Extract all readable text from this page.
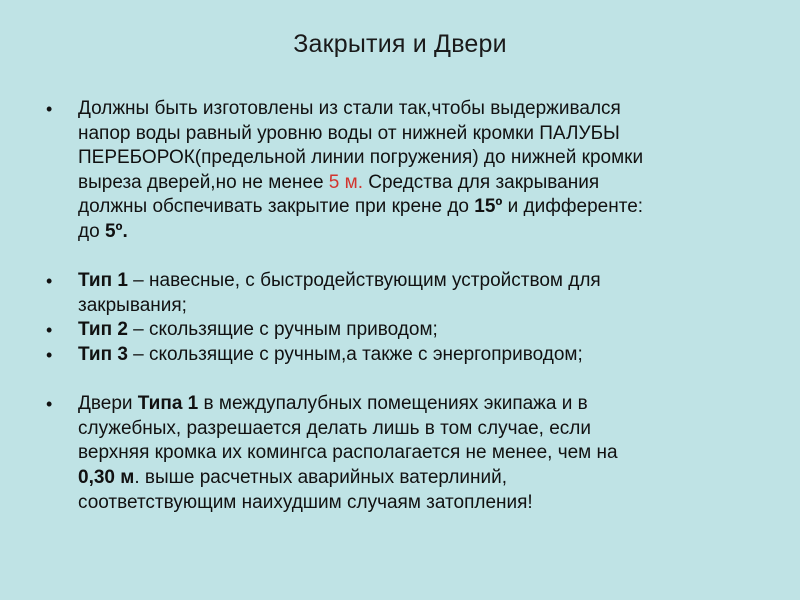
Закрытия и Двери
• Должны быть изготовлены из стали так,чтобы выдерживался
напор воды равный уровню воды от нижней кромки ПАЛУБЫ
ПЕРЕБОРОК(предельной линии погружения) до нижней кромки
выреза дверей,но не менее 5 м. Средства для закрывания
должны обспечивать закрытие при крене до 15º и дифференте:
до 5º.
• Тип 1 – навесные, с быстродействующим устройством для
закрывания;
• Тип 2 – скользящие с ручным приводом;
• Тип 3 – скользящие с ручным,а также с энергоприводом;
• Двери Типа 1 в междупалубных помещениях экипажа и в
служебных, разрешается делать лишь в том случае, если
верхняя кромка их комингса располагается не менее, чем на
0,30 м. выше расчетных аварийных ватерлиний,
соответствующим наихудшим случаям затопления!
